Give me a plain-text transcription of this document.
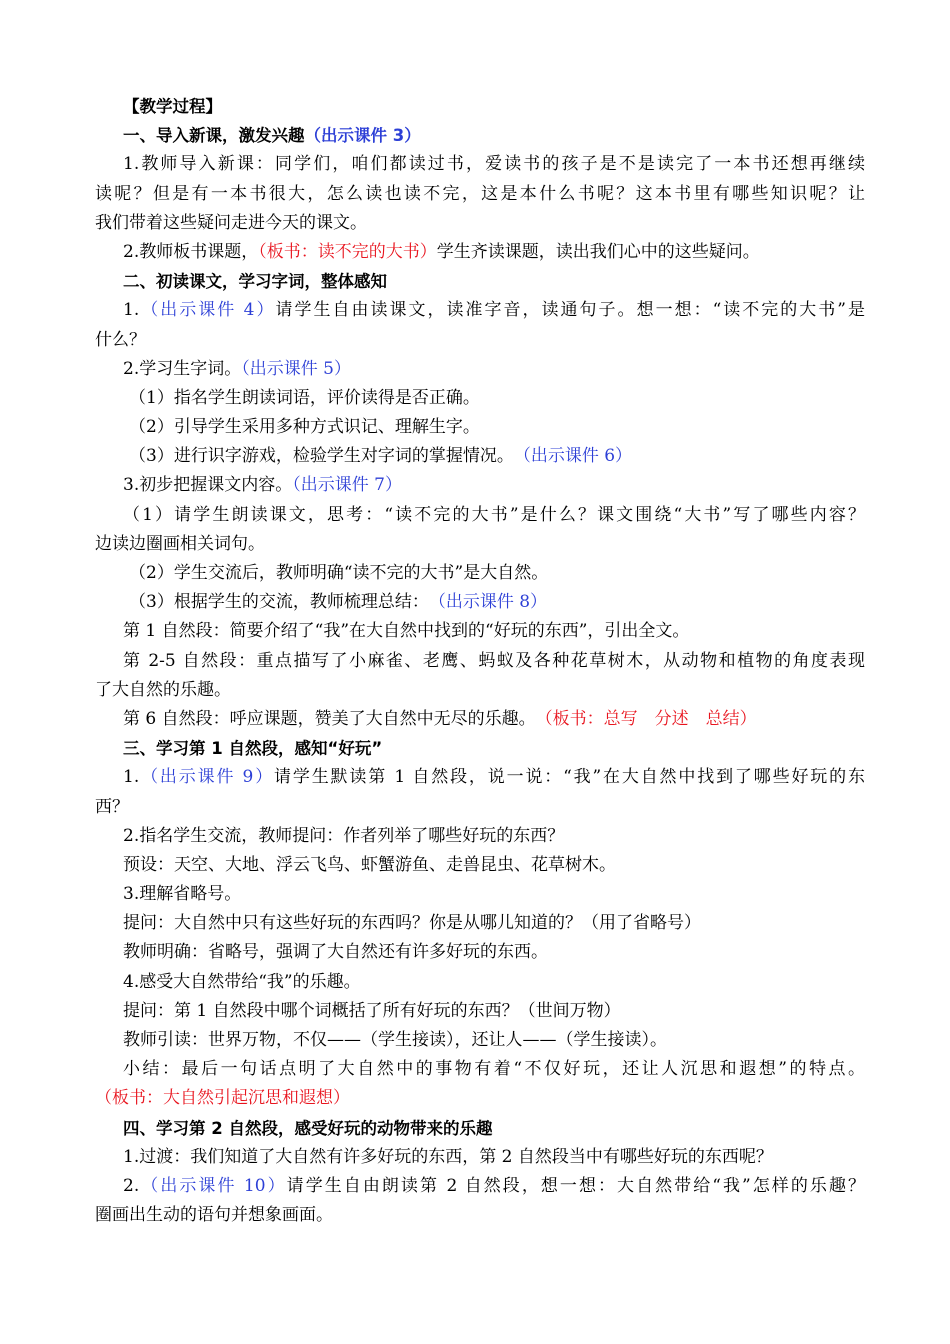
【教学过程】
一、导入新课，激发兴趣（出示课件 3）
1.教师导入新课：同学们，咱们都读过书，爱读书的孩子是不是读完了一本书还想再继续
读呢？但是有一本书很大，怎么读也读不完，这是本什么书呢？这本书里有哪些知识呢？让
我们带着这些疑问走进今天的课文。
2.教师板书课题，（板书：读不完的大书）学生齐读课题，读出我们心中的这些疑问。
二、初读课文，学习字词，整体感知
1.（出示课件 4）请学生自由读课文，读准字音，读通句子。想一想：“读不完的大书”是
什么？
2.学习生字词。（出示课件 5）
（1）指名学生朗读词语，评价读得是否正确。
（2）引导学生采用多种方式识记、理解生字。
（3）进行识字游戏，检验学生对字词的掌握情况。　（出示课件 6）
3.初步把握课文内容。（出示课件 7）
（1）请学生朗读课文，思考：“读不完的大书”是什么？课文围绕“大书”写了哪些内容？
边读边圈画相关词句。
（2）学生交流后，教师明确“读不完的大书”是大自然。
（3）根据学生的交流，教师梳理总结：　（出示课件 8）
第 1 自然段：简要介绍了“我”在大自然中找到的“好玩的东西”，引出全文。
第 2-5 自然段：重点描写了小麻雀、老鹰、蚂蚁及各种花草树木，从动物和植物的角度表现
了大自然的乐趣。
第 6 自然段：呼应课题，赞美了大自然中无尽的乐趣。　（板书：总写　分述　总结）
三、学习第 1 自然段，感知“好玩”
1.（出示课件 9）请学生默读第 1 自然段，说一说：“我”在大自然中找到了哪些好玩的东
西？
2.指名学生交流，教师提问：作者列举了哪些好玩的东西？
预设：天空、大地、浮云飞鸟、虾蟹游鱼、走兽昆虫、花草树木。
3.理解省略号。
提问：大自然中只有这些好玩的东西吗？你是从哪儿知道的？（用了省略号）
教师明确：省略号，强调了大自然还有许多好玩的东西。
4.感受大自然带给“我”的乐趣。
提问：第 1 自然段中哪个词概括了所有好玩的东西？（世间万物）
教师引读：世界万物，不仅——（学生接读），还让人——（学生接读）。
小结：最后一句话点明了大自然中的事物有着“不仅好玩，还让人沉思和遐想”的特点。
（板书：大自然引起沉思和遐想）
四、学习第 2 自然段，感受好玩的动物带来的乐趣
1.过渡：我们知道了大自然有许多好玩的东西，第 2 自然段当中有哪些好玩的东西呢？
2.（出示课件 10）请学生自由朗读第 2 自然段，想一想：大自然带给“我”怎样的乐趣？
圈画出生动的语句并想象画面。
